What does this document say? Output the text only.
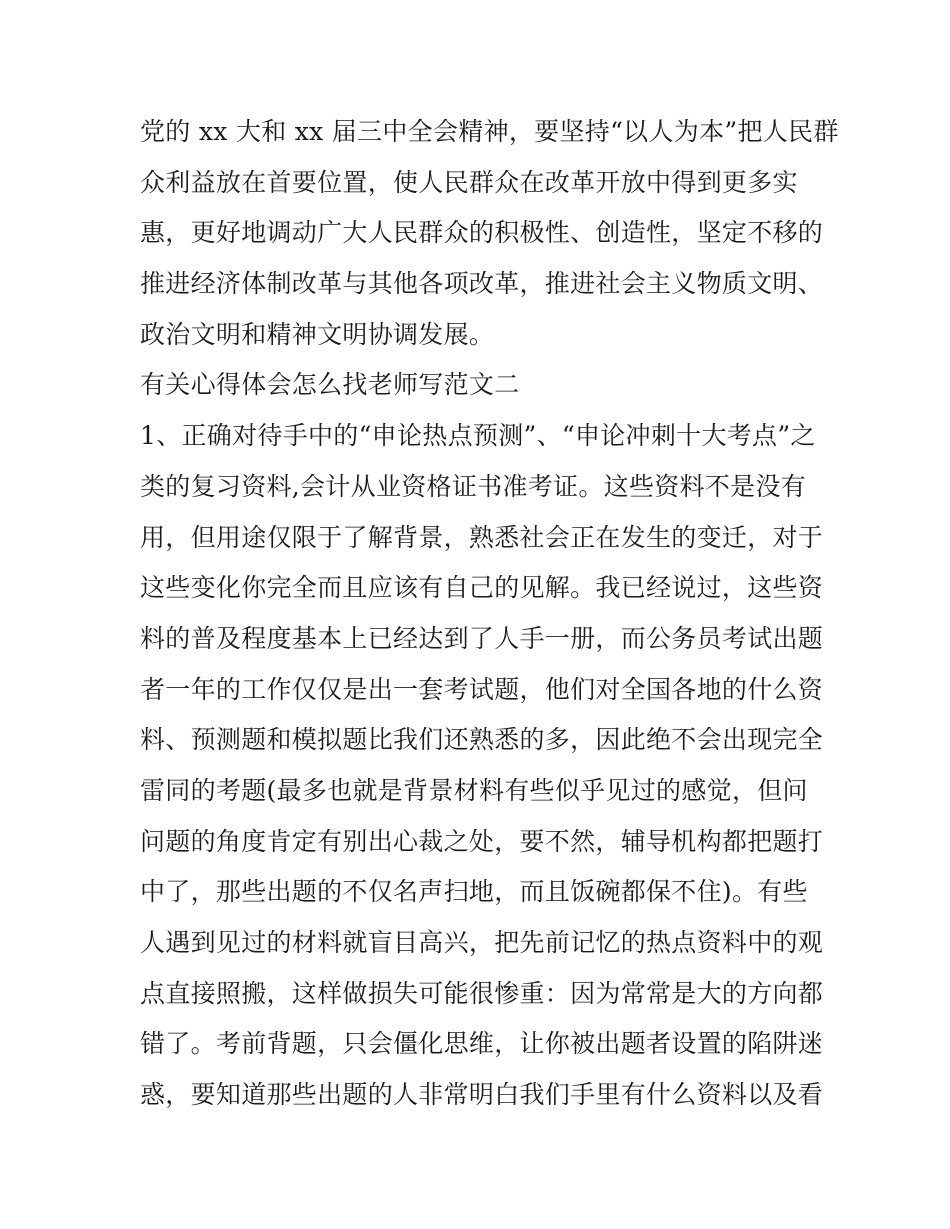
党的 xx 大和 xx 届三中全会精神，要坚持“以人为本”把人民群
众利益放在首要位置，使人民群众在改革开放中得到更多实
惠，更好地调动广大人民群众的积极性、创造性，坚定不移的
推进经济体制改革与其他各项改革，推进社会主义物质文明、
政治文明和精神文明协调发展。
有关心得体会怎么找老师写范文二
1、正确对待手中的“申论热点预测”、“申论冲刺十大考点”之
类的复习资料,会计从业资格证书准考证。这些资料不是没有
用，但用途仅限于了解背景，熟悉社会正在发生的变迁，对于
这些变化你完全而且应该有自己的见解。我已经说过，这些资
料的普及程度基本上已经达到了人手一册，而公务员考试出题
者一年的工作仅仅是出一套考试题，他们对全国各地的什么资
料、预测题和模拟题比我们还熟悉的多，因此绝不会出现完全
雷同的考题(最多也就是背景材料有些似乎见过的感觉，但问
问题的角度肯定有别出心裁之处，要不然，辅导机构都把题打
中了，那些出题的不仅名声扫地，而且饭碗都保不住)。有些
人遇到见过的材料就盲目高兴，把先前记忆的热点资料中的观
点直接照搬，这样做损失可能很惨重：因为常常是大的方向都
错了。考前背题，只会僵化思维，让你被出题者设置的陷阱迷
惑，要知道那些出题的人非常明白我们手里有什么资料以及看
